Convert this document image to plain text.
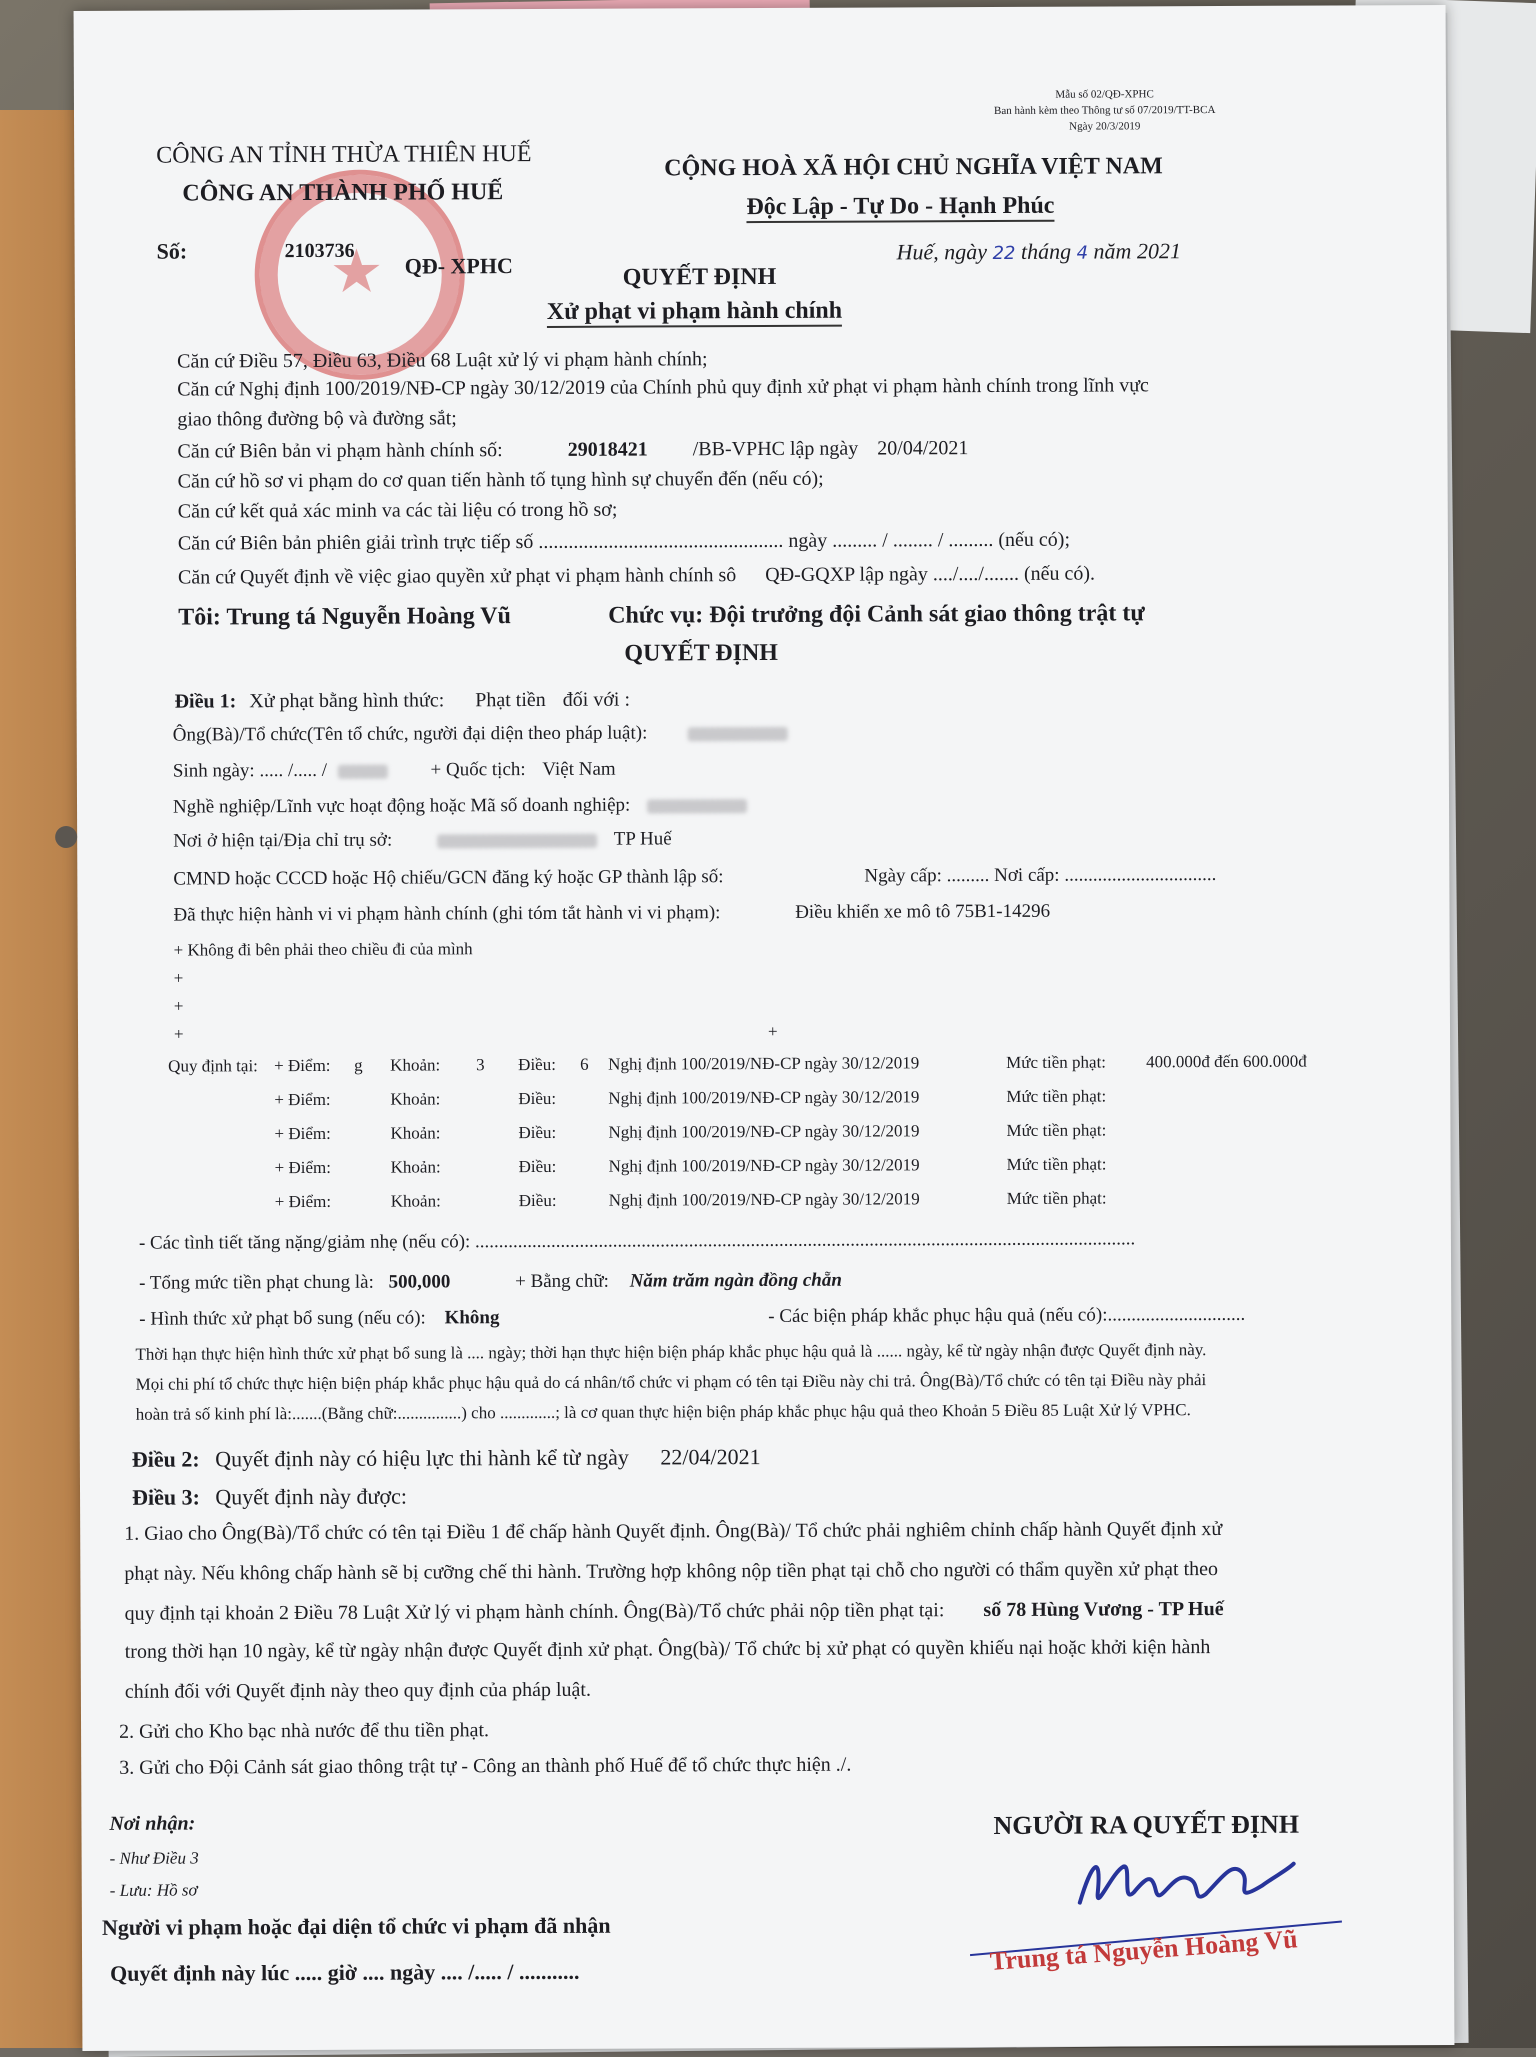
Mẫu số 02/QĐ-XPHC
Ban hành kèm theo Thông tư số 07/2019/TT-BCA
Ngày 20/3/2019
★
CÔNG AN TỈNH THỪA THIÊN HUẾ
CÔNG AN THÀNH PHỐ HUẾ
CỘNG HOÀ XÃ HỘI CHỦ NGHĨA VIỆT NAM
Độc Lập - Tự Do - Hạnh Phúc
Số:	2103736
QĐ- XPHC
Huế, ngày 22 tháng 4 năm 2021
QUYẾT ĐỊNH
Xử phạt vi phạm hành chính
Căn cứ Điều 57, Điều 63, Điều 68 Luật xử lý vi phạm hành chính;
Căn cứ Nghị định 100/2019/NĐ-CP ngày 30/12/2019 của Chính phủ quy định xử phạt vi phạm hành chính trong lĩnh vực
giao thông đường bộ và đường sắt;
Căn cứ Biên bản vi phạm hành chính số:	29018421 /BB-VPHC lập ngày 20/04/2021
Căn cứ hồ sơ vi phạm do cơ quan tiến hành tố tụng hình sự chuyển đến (nếu có);
Căn cứ kết quả xác minh va các tài liệu có trong hồ sơ;
Căn cứ Biên bản phiên giải trình trực tiếp số ................................................. ngày ......... / ........ / ......... (nếu có);
Căn cứ Quyết định về việc giao quyền xử phạt vi phạm hành chính sô QĐ-GQXP lập ngày ..../..../....... (nếu có).
Tôi: Trung tá Nguyễn Hoàng Vũ	Chức vụ: Đội trưởng đội Cảnh sát giao thông trật tự
QUYẾT ĐỊNH
Điều 1: Xử phạt bằng hình thức: Phạt tiền đối với :
Ông(Bà)/Tổ chức(Tên tổ chức, người đại diện theo pháp luật):
Sinh ngày: ..... /..... /	+ Quốc tịch: Việt Nam
Nghề nghiệp/Lĩnh vực hoạt động hoặc Mã số doanh nghiệp:
Nơi ở hiện tại/Địa chỉ trụ sở:	TP Huế
CMND hoặc CCCD hoặc Hộ chiếu/GCN đăng ký hoặc GP thành lập số:	Ngày cấp: ......... Nơi cấp: ................................
Đã thực hiện hành vi vi phạm hành chính (ghi tóm tắt hành vi vi phạm):	Điều khiển xe mô tô 75B1-14296
+ Không đi bên phải theo chiều đi của mình
+
+
+	+
Quy định tại: + Điểm: g Khoản: 3 Điều: 6 Nghị định 100/2019/NĐ-CP ngày 30/12/2019	Mức tiền phạt: 400.000đ đến 600.000đ
+ Điểm:	Khoản:	Điều:	Nghị định 100/2019/NĐ-CP ngày 30/12/2019	Mức tiền phạt:
+ Điểm:	Khoản:	Điều:	Nghị định 100/2019/NĐ-CP ngày 30/12/2019	Mức tiền phạt:
+ Điểm:	Khoản:	Điều:	Nghị định 100/2019/NĐ-CP ngày 30/12/2019	Mức tiền phạt:
+ Điểm:	Khoản:	Điều:	Nghị định 100/2019/NĐ-CP ngày 30/12/2019	Mức tiền phạt:
- Các tình tiết tăng nặng/giảm nhẹ (nếu có): ...........................................................................................................................................
- Tổng mức tiền phạt chung là: 500,000	+ Bằng chữ: Năm trăm ngàn đồng chẵn
- Hình thức xử phạt bổ sung (nếu có): Không	- Các biện pháp khắc phục hậu quả (nếu có):.............................
Thời hạn thực hiện hình thức xử phạt bổ sung là .... ngày; thời hạn thực hiện biện pháp khắc phục hậu quả là ...... ngày, kể từ ngày nhận được Quyết định này.
Mọi chi phí tổ chức thực hiện biện pháp khắc phục hậu quả do cá nhân/tổ chức vi phạm có tên tại Điều này chi trả. Ông(Bà)/Tổ chức có tên tại Điều này phải
hoàn trả số kinh phí là:.......(Bằng chữ:...............) cho .............; là cơ quan thực hiện biện pháp khắc phục hậu quả theo Khoản 5 Điều 85 Luật Xử lý VPHC.
Điều 2: Quyết định này có hiệu lực thi hành kể từ ngày 22/04/2021
Điều 3: Quyết định này được:
1. Giao cho Ông(Bà)/Tổ chức có tên tại Điều 1 để chấp hành Quyết định. Ông(Bà)/ Tổ chức phải nghiêm chỉnh chấp hành Quyết định xử
phạt này. Nếu không chấp hành sẽ bị cưỡng chế thi hành. Trường hợp không nộp tiền phạt tại chỗ cho người có thẩm quyền xử phạt theo
quy định tại khoản 2 Điều 78 Luật Xử lý vi phạm hành chính. Ông(Bà)/Tổ chức phải nộp tiền phạt tại: số 78 Hùng Vương - TP Huế
trong thời hạn 10 ngày, kể từ ngày nhận được Quyết định xử phạt. Ông(bà)/ Tổ chức bị xử phạt có quyền khiếu nại hoặc khởi kiện hành
chính đối với Quyết định này theo quy định của pháp luật.
2. Gửi cho Kho bạc nhà nước để thu tiền phạt.
3. Gửi cho Đội Cảnh sát giao thông trật tự - Công an thành phố Huế để tổ chức thực hiện ./.
Nơi nhận:
- Như Điều 3
- Lưu: Hồ sơ
Người vi phạm hoặc đại diện tổ chức vi phạm đã nhận
Quyết định này lúc ..... giờ .... ngày .... /..... / ...........
NGƯỜI RA QUYẾT ĐỊNH
Trung tá Nguyễn Hoàng Vũ
